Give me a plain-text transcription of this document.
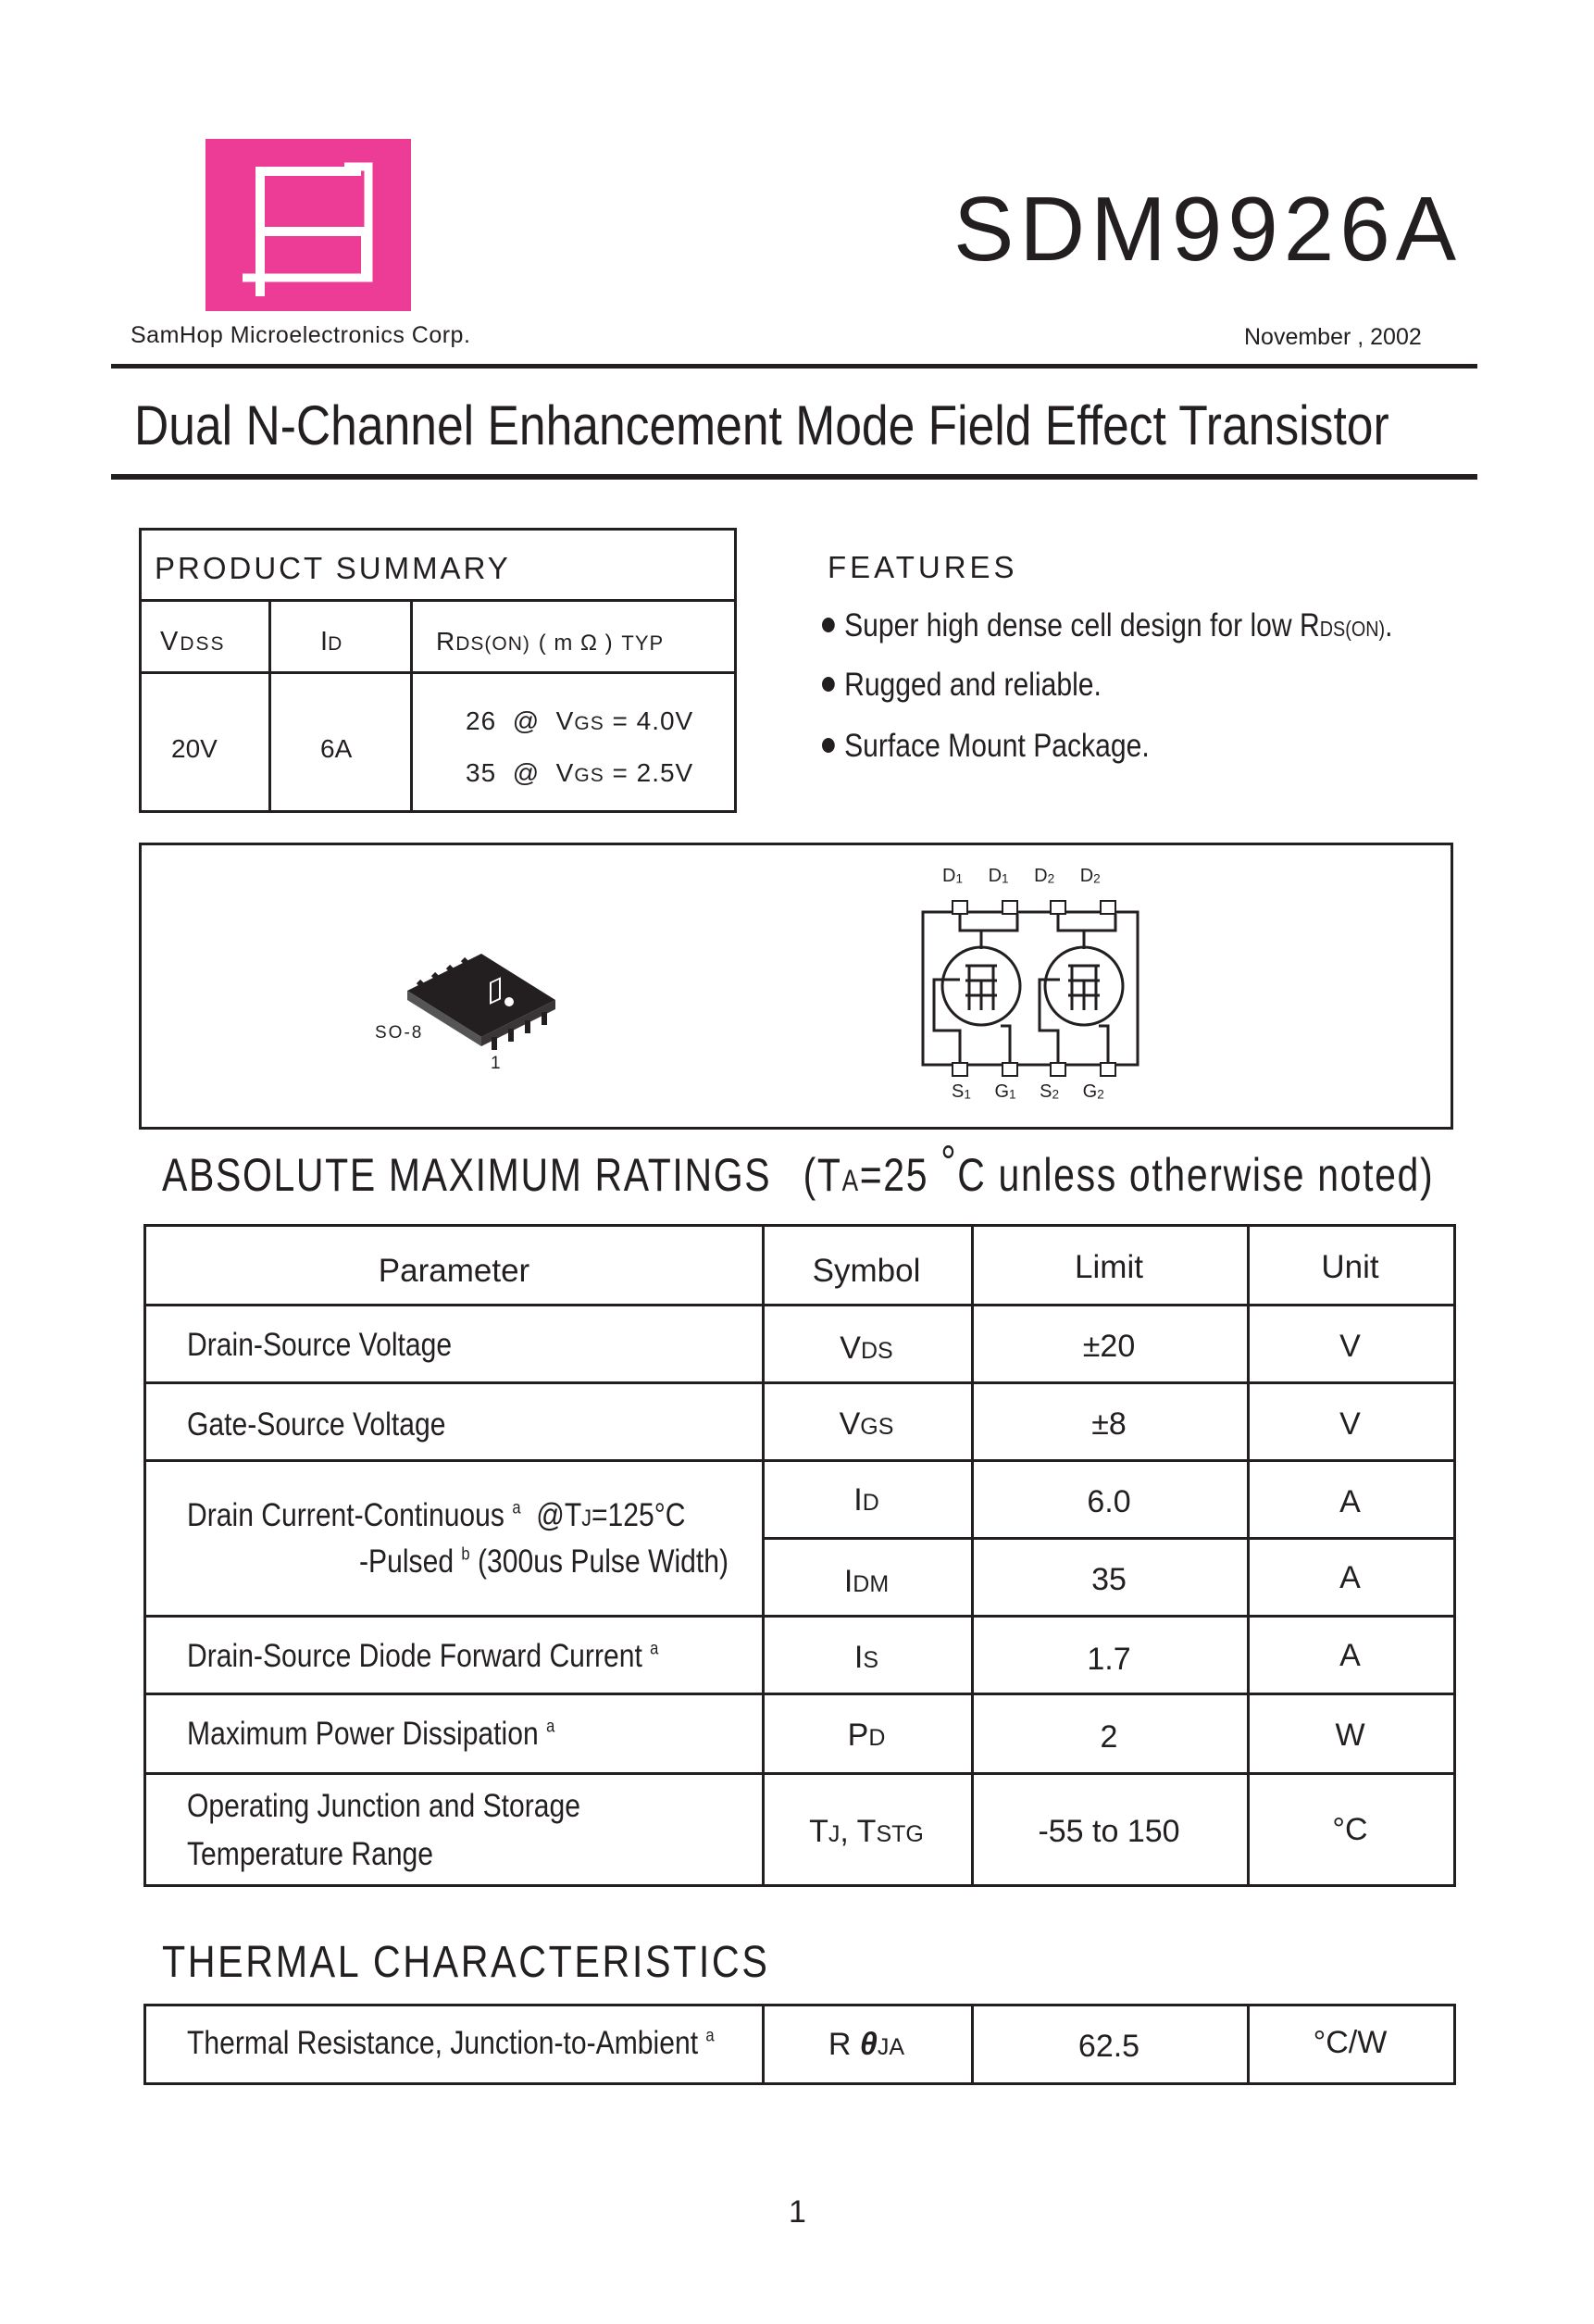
SamHop Microelectronics Corp.
SDM9926A
November , 2002
Dual N-Channel Enhancement Mode Field Effect Transistor
PRODUCT SUMMARY
VDSS	ID	RDS(ON) ( m Ω ) TYP
20V	6A
26  @  VGS = 4.0V
35  @  VGS = 2.5V
FEATURES
Super high dense cell design for low RDS(ON).
Rugged and reliable.
Surface Mount Package.
SO-8
1
$D_1$ $D_1$ $D_2$ $D_2$
$S_1$ $G_1$ $S_2$ $G_2$
ABSOLUTE MAXIMUM RATINGS (TA=25 °C unless otherwise noted)
Parameter	Symbol	Limit	Unit
Drain-Source Voltage	VDS	±20	V
Gate-Source Voltage	VGS	±8	V
Drain Current-Continuous $^a$  @TJ=125°C
-Pulsed $^b$ (300us Pulse Width)
ID	6.0	A
IDM	35	A
Drain-Source Diode Forward Current $^a$	IS	1.7	A
Maximum Power Dissipation $^a$	PD	2	W
Operating Junction and Storage
Temperature Range
TJ, TSTG	-55 to 150	°C
THERMAL CHARACTERISTICS
Thermal Resistance, Junction-to-Ambient $^a$	R θJA	62.5	°C/W
1
